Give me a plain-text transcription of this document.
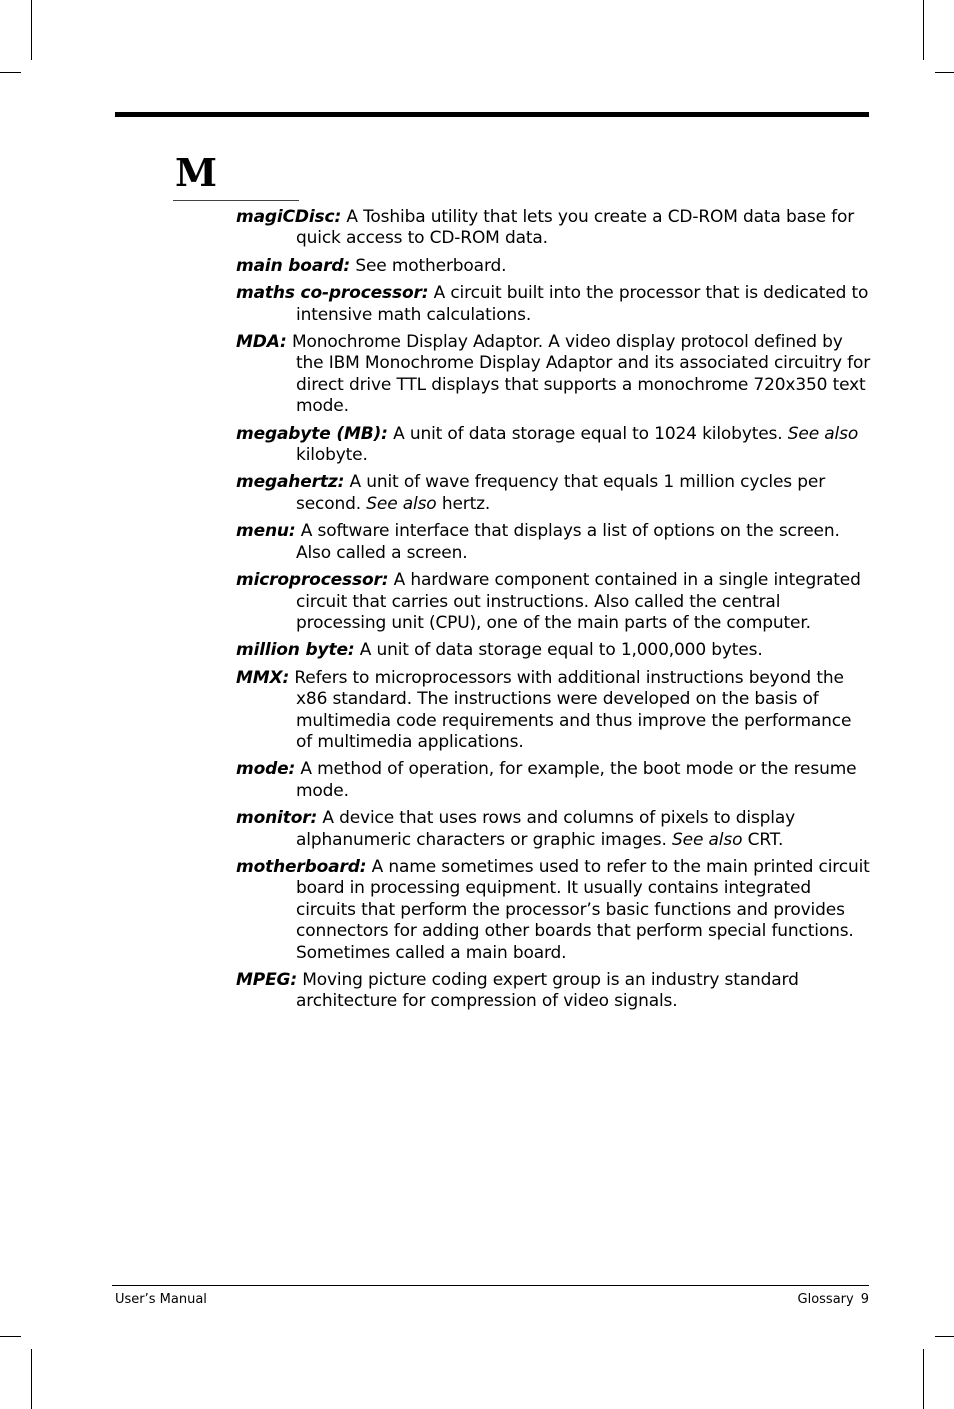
M

magiCDisc: A Toshiba utility that lets you create a CD-ROM data base for quick access to CD-ROM data.

main board: See motherboard.

maths co-processor: A circuit built into the processor that is dedicated to intensive math calculations.

MDA: Monochrome Display Adaptor. A video display protocol defined by the IBM Monochrome Display Adaptor and its associated circuitry for direct drive TTL displays that supports a monochrome 720x350 text mode.

megabyte (MB): A unit of data storage equal to 1024 kilobytes. See also kilobyte.

megahertz: A unit of wave frequency that equals 1 million cycles per second. See also hertz.

menu: A software interface that displays a list of options on the screen. Also called a screen.

microprocessor: A hardware component contained in a single integrated circuit that carries out instructions. Also called the central processing unit (CPU), one of the main parts of the computer.

million byte: A unit of data storage equal to 1,000,000 bytes.

MMX: Refers to microprocessors with additional instructions beyond the x86 standard. The instructions were developed on the basis of multimedia code requirements and thus improve the performance of multimedia applications.

mode: A method of operation, for example, the boot mode or the resume mode.

monitor: A device that uses rows and columns of pixels to display alphanumeric characters or graphic images. See also CRT.

motherboard: A name sometimes used to refer to the main printed circuit board in processing equipment. It usually contains integrated circuits that perform the processor’s basic functions and provides connectors for adding other boards that perform special functions. Sometimes called a main board.

MPEG: Moving picture coding expert group is an industry standard architecture for compression of video signals.

User’s Manual	Glossary 9
